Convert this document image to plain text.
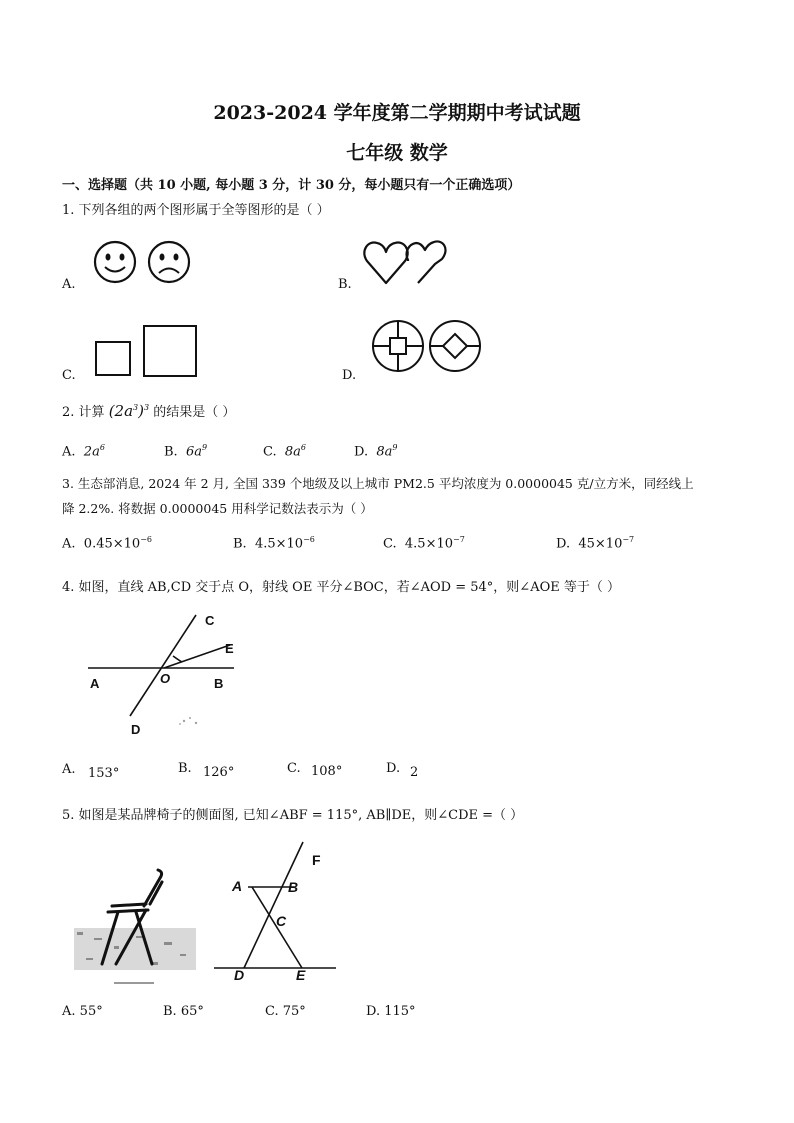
2023-2024 学年度第二学期期中考试试题
七年级 数学
一、选择题（共 10 小题, 每小题 3 分，计 30 分，每小题只有一个正确选项）
1. 下列各组的两个图形属于全等图形的是（ ）
A.	B.
C.	D.
2. 计算 $(2a^3)^3$ 的结果是（ ）
A. $2a^6$	B. $6a^9$	C. $8a^6$	D. $8a^9$
3. 生态部消息, 2024 年 2 月, 全国 339 个地级及以上城市 PM2.5 平均浓度为 0.0000045 克/立方米，同经线上
降 2.2%. 将数据 0.0000045 用科学记数法表示为（ ）
A. $0.45\times 10^{-6}$	B. $4.5\times 10^{-6}$	C. $4.5\times 10^{-7}$	D. $45\times 10^{-7}$
4. 如图，直线 AB,CD 交于点 O，射线 OE 平分∠BOC，若∠AOD = 54°，则∠AOE 等于（ ）
A	B
C
D
E
O
A. 153°	B. 126°	C. 108°	D. 2
5. 如图是某品牌椅子的侧面图, 已知∠ABF = 115°, AB∥DE，则∠CDE =（ ）
A	B
C
D	E
F
A. 55°	B. 65°	C. 75°	D. 115°
